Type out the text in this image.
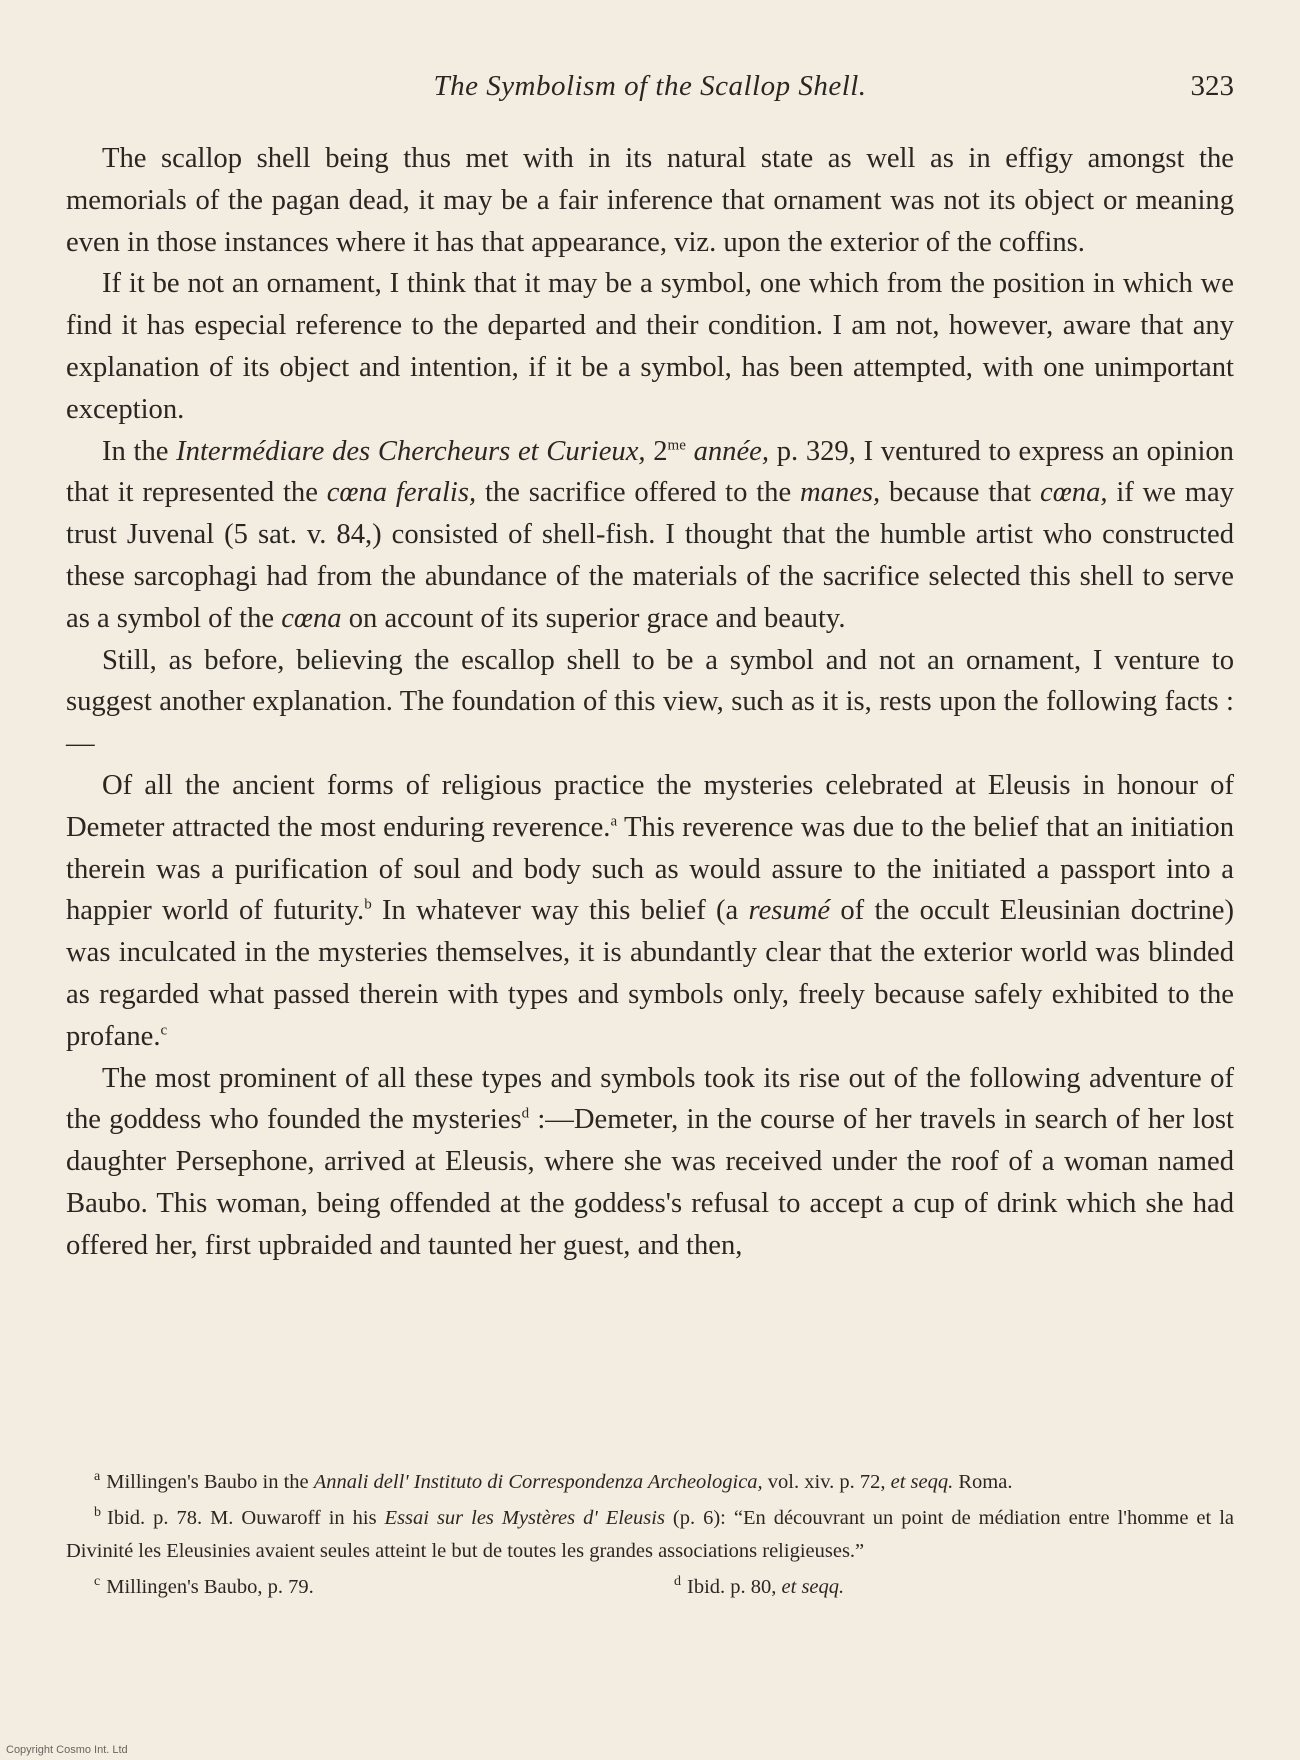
The Symbolism of the Scallop Shell.	323

The scallop shell being thus met with in its natural state as well as in effigy amongst the memorials of the pagan dead, it may be a fair inference that ornament was not its object or meaning even in those instances where it has that appearance, viz. upon the exterior of the coffins.

If it be not an ornament, I think that it may be a symbol, one which from the position in which we find it has especial reference to the departed and their condition. I am not, however, aware that any explanation of its object and intention, if it be a symbol, has been attempted, with one unimportant exception.

In the Intermédiare des Chercheurs et Curieux, $2^{me}$ année, p. 329, I ventured to express an opinion that it represented the cœna feralis, the sacrifice offered to the manes, because that cœna, if we may trust Juvenal (5 sat. v. 84,) consisted of shell-fish. I thought that the humble artist who constructed these sarcophagi had from the abundance of the materials of the sacrifice selected this shell to serve as a symbol of the cœna on account of its superior grace and beauty.

Still, as before, believing the escallop shell to be a symbol and not an ornament, I venture to suggest another explanation. The foundation of this view, such as it is, rests upon the following facts :—

Of all the ancient forms of religious practice the mysteries celebrated at Eleusis in honour of Demeter attracted the most enduring reverence.$^a$ This reverence was due to the belief that an initiation therein was a purification of soul and body such as would assure to the initiated a passport into a happier world of futurity.$^b$ In whatever way this belief (a resumé of the occult Eleusinian doctrine) was inculcated in the mysteries themselves, it is abundantly clear that the exterior world was blinded as regarded what passed therein with types and symbols only, freely because safely exhibited to the profane.$^c$

The most prominent of all these types and symbols took its rise out of the following adventure of the goddess who founded the mysteries$^d$ :—Demeter, in the course of her travels in search of her lost daughter Persephone, arrived at Eleusis, where she was received under the roof of a woman named Baubo. This woman, being offended at the goddess's refusal to accept a cup of drink which she had offered her, first upbraided and taunted her guest, and then,

$^a$ Millingen's Baubo in the Annali dell' Instituto di Correspondenza Archeologica, vol. xiv. p. 72, et seqq. Roma.

$^b$ Ibid. p. 78. M. Ouwaroff in his Essai sur les Mystères d' Eleusis (p. 6): “En découvrant un point de médiation entre l'homme et la Divinité les Eleusinies avaient seules atteint le but de toutes les grandes associations religieuses.”

$^c$ Millingen's Baubo, p. 79.	$^d$ Ibid. p. 80, et seqq.
Copyright Cosmo Int. Ltd
